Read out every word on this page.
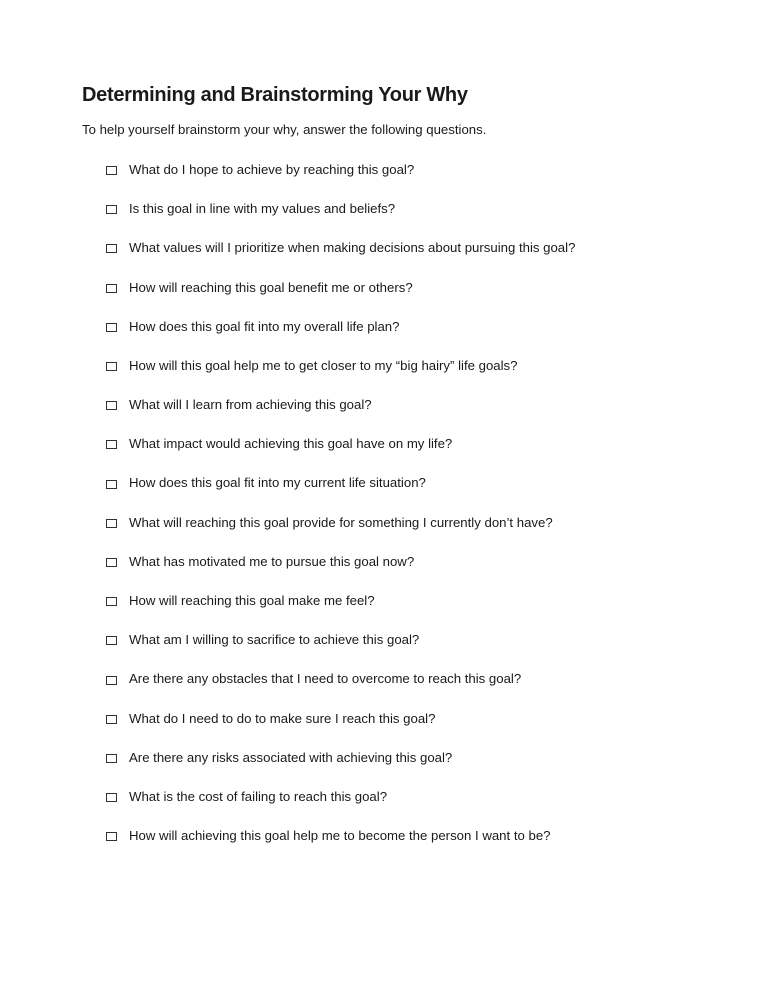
Determining and Brainstorming Your Why

To help yourself brainstorm your why, answer the following questions.

What do I hope to achieve by reaching this goal?
Is this goal in line with my values and beliefs?
What values will I prioritize when making decisions about pursuing this goal?
How will reaching this goal benefit me or others?
How does this goal fit into my overall life plan?
How will this goal help me to get closer to my “big hairy” life goals?
What will I learn from achieving this goal?
What impact would achieving this goal have on my life?
How does this goal fit into my current life situation?
What will reaching this goal provide for something I currently don’t have?
What has motivated me to pursue this goal now?
How will reaching this goal make me feel?
What am I willing to sacrifice to achieve this goal?
Are there any obstacles that I need to overcome to reach this goal?
What do I need to do to make sure I reach this goal?
Are there any risks associated with achieving this goal?
What is the cost of failing to reach this goal?
How will achieving this goal help me to become the person I want to be?
